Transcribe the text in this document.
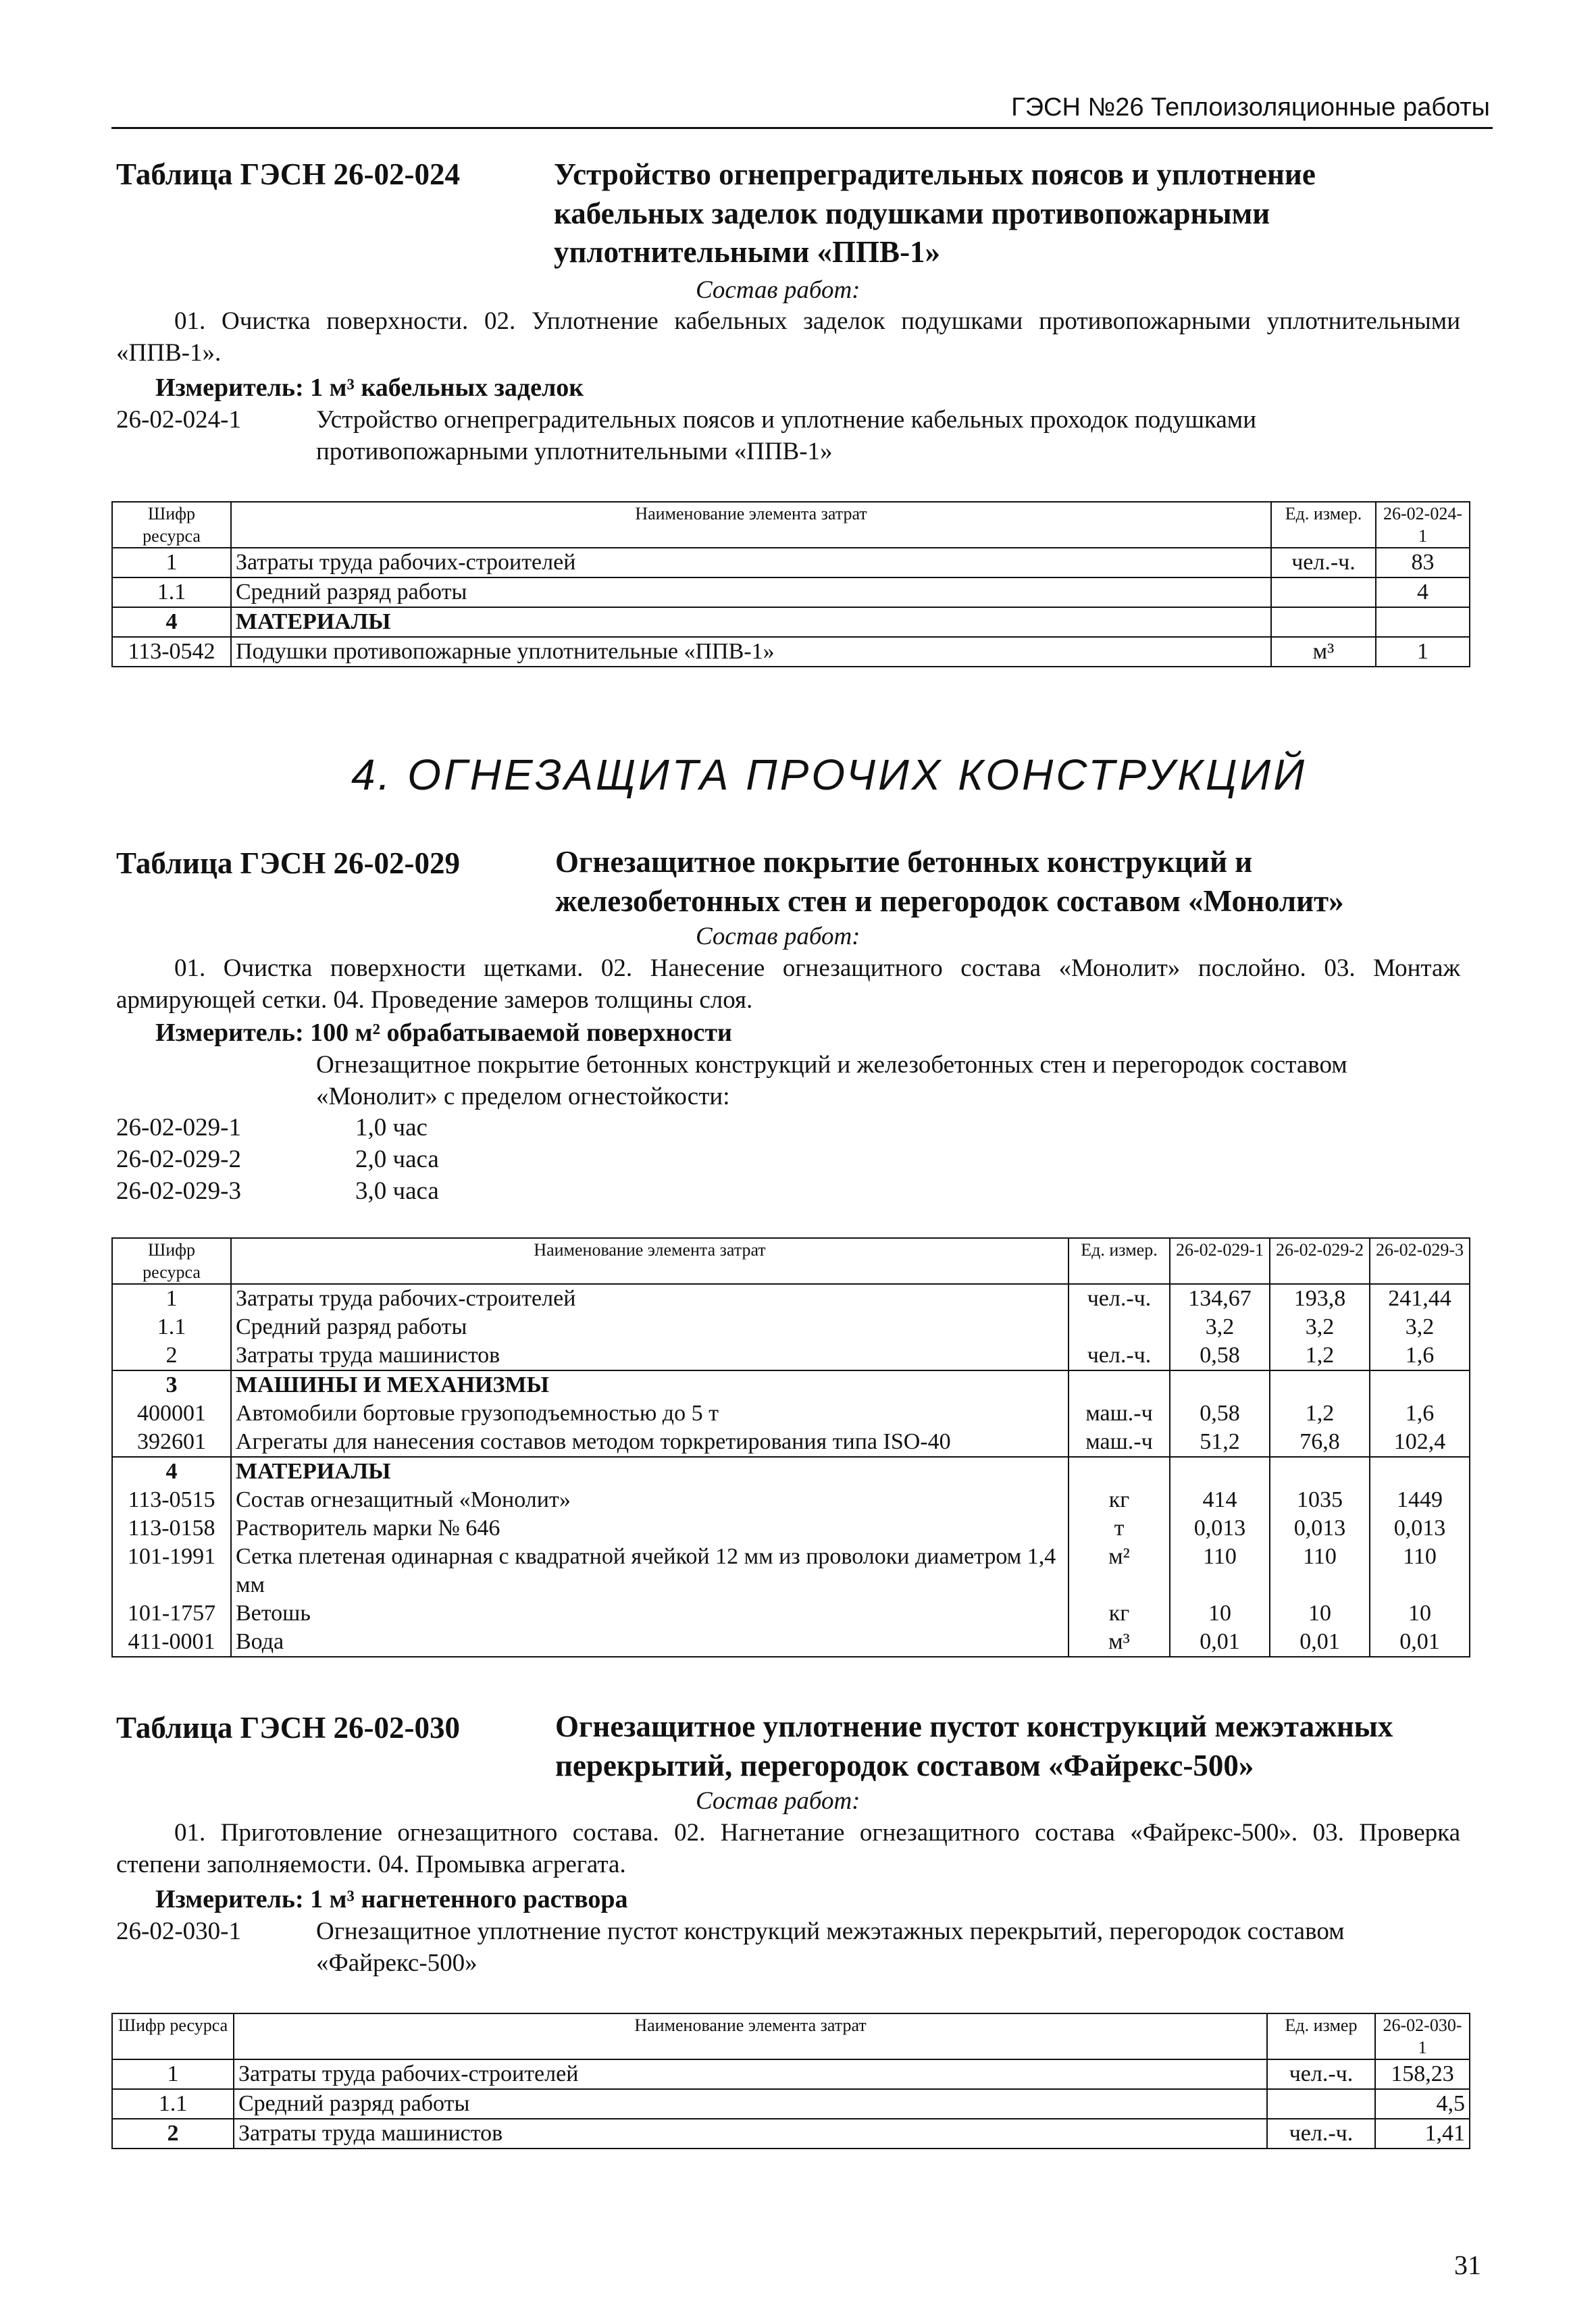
ГЭСН №26 Теплоизоляционные работы
Таблица ГЭСН 26-02-024	Устройство огнепреградительных поясов и уплотнение кабельных заделок подушками противопожарными уплотнительными «ППВ-1»
Состав работ:
01. Очистка поверхности. 02. Уплотнение кабельных заделок подушками противопожарными уплотнительными «ППВ-1».
Измеритель: 1 м³ кабельных заделок
26-02-024-1	Устройство огнепреградительных поясов и уплотнение кабельных проходок подушками противопожарными уплотнительными «ППВ-1»
Шифр ресурса	Наименование элемента затрат	Ед. измер.	26-02-024-1
1	Затраты труда рабочих-строителей	чел.-ч.	83
1.1	Средний разряд работы		4
4	МАТЕРИАЛЫ		
113-0542	Подушки противопожарные уплотнительные «ППВ-1»	м³	1
4. ОГНЕЗАЩИТА ПРОЧИХ КОНСТРУКЦИЙ
Таблица ГЭСН 26-02-029	Огнезащитное покрытие бетонных конструкций и железобетонных стен и перегородок составом «Монолит»
Состав работ:
01. Очистка поверхности щетками. 02. Нанесение огнезащитного состава «Монолит» послойно. 03. Монтаж армирующей сетки. 04. Проведение замеров толщины слоя.
Измеритель: 100 м² обрабатываемой поверхности
Огнезащитное покрытие бетонных конструкций и железобетонных стен и перегородок составом «Монолит» с пределом огнестойкости:
26-02-029-1	1,0 час
26-02-029-2	2,0 часа
26-02-029-3	3,0 часа
Шифр ресурса	Наименование элемента затрат	Ед. измер.	26-02-029-1	26-02-029-2	26-02-029-3
1	Затраты труда рабочих-строителей	чел.-ч.	134,67	193,8	241,44
1.1	Средний разряд работы		3,2	3,2	3,2
2	Затраты труда машинистов	чел.-ч.	0,58	1,2	1,6
3	МАШИНЫ И МЕХАНИЗМЫ				
400001	Автомобили бортовые грузоподъемностью до 5 т	маш.-ч	0,58	1,2	1,6
392601	Агрегаты для нанесения составов методом торкретирования типа ISO-40	маш.-ч	51,2	76,8	102,4
4	МАТЕРИАЛЫ				
113-0515	Состав огнезащитный «Монолит»	кг	414	1035	1449
113-0158	Растворитель марки № 646	т	0,013	0,013	0,013
101-1991	Сетка плетеная одинарная с квадратной ячейкой 12 мм из проволоки диаметром 1,4 мм	м²	110	110	110
101-1757	Ветошь	кг	10	10	10
411-0001	Вода	м³	0,01	0,01	0,01
Таблица ГЭСН 26-02-030	Огнезащитное уплотнение пустот конструкций межэтажных перекрытий, перегородок составом «Файрекс-500»
Состав работ:
01. Приготовление огнезащитного состава. 02. Нагнетание огнезащитного состава «Файрекс-500». 03. Проверка степени заполняемости. 04. Промывка агрегата.
Измеритель: 1 м³ нагнетенного раствора
26-02-030-1	Огнезащитное уплотнение пустот конструкций межэтажных перекрытий, перегородок составом «Файрекс-500»
Шифр ресурса	Наименование элемента затрат	Ед. измер	26-02-030-1
1	Затраты труда рабочих-строителей	чел.-ч.	158,23
1.1	Средний разряд работы		4,5
2	Затраты труда машинистов	чел.-ч.	1,41
31
